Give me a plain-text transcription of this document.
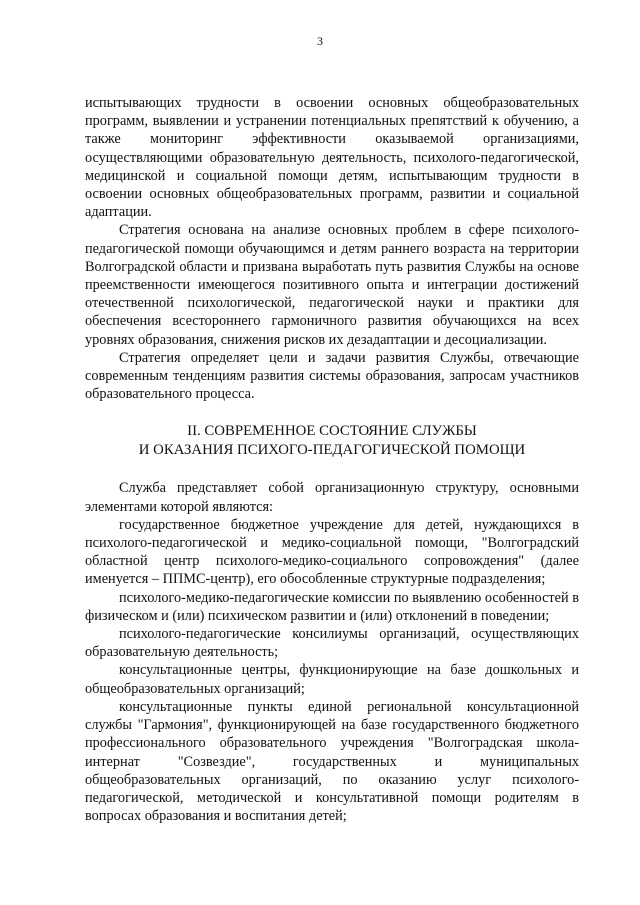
3

испытывающих трудности в освоении основных общеобразовательных программ, выявлении и устранении потенциальных препятствий к обучению, а также мониторинг эффективности оказываемой организациями, осуществляющими образовательную деятельность, психолого-педагогической, медицинской и социальной помощи детям, испытывающим трудности в освоении основных общеобразовательных программ, развитии и социальной адаптации.

Стратегия основана на анализе основных проблем в сфере психолого-педагогической помощи обучающимся и детям раннего возраста на территории Волгоградской области и призвана выработать путь развития Службы на основе преемственности имеющегося позитивного опыта и интеграции достижений отечественной психологической, педагогической науки и практики для обеспечения всестороннего гармоничного развития обучающихся на всех уровнях образования, снижения рисков их дезадаптации и десоциализации.

Стратегия определяет цели и задачи развития Службы, отвечающие современным тенденциям развития системы образования, запросам участников образовательного процесса.

II. СОВРЕМЕННОЕ СОСТОЯНИЕ СЛУЖБЫ
И ОКАЗАНИЯ ПСИХОГО-ПЕДАГОГИЧЕСКОЙ ПОМОЩИ

Служба представляет собой организационную структуру, основными элементами которой являются:

государственное бюджетное учреждение для детей, нуждающихся в психолого-педагогической и медико-социальной помощи, "Волгоградский областной центр психолого-медико-социального сопровождения" (далее именуется – ППМС-центр), его обособленные структурные подразделения;

психолого-медико-педагогические комиссии по выявлению особенностей в физическом и (или) психическом развитии и (или) отклонений в поведении;

психолого-педагогические консилиумы организаций, осуществляющих образовательную деятельность;

консультационные центры, функционирующие на базе дошкольных и общеобразовательных организаций;

консультационные пункты единой региональной консультационной службы "Гармония", функционирующей на базе государственного бюджетного профессионального образовательного учреждения "Волгоградская школа-интернат "Созвездие", государственных и муниципальных общеобразовательных организаций, по оказанию услуг психолого-педагогической, методической и консультативной помощи родителям в вопросах образования и воспитания детей;
